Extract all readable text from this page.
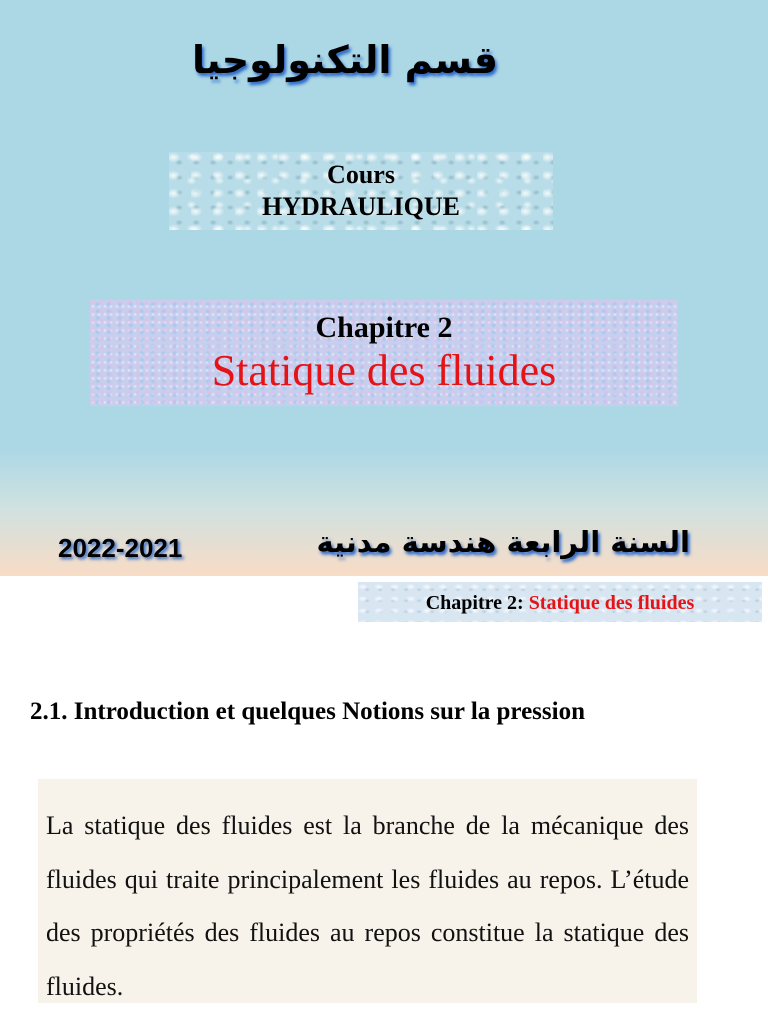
قسم التكنولوجيا
Cours
HYDRAULIQUE
Chapitre 2
Statique des fluides
2022-2021	السنة الرابعة هندسة مدنية
Chapitre 2: Statique des fluides
2.1. Introduction et quelques Notions sur la pression

La statique des fluides est la branche de la mécanique des fluides qui traite principalement les fluides au repos. L’étude des propriétés des fluides au repos constitue la statique des fluides.
